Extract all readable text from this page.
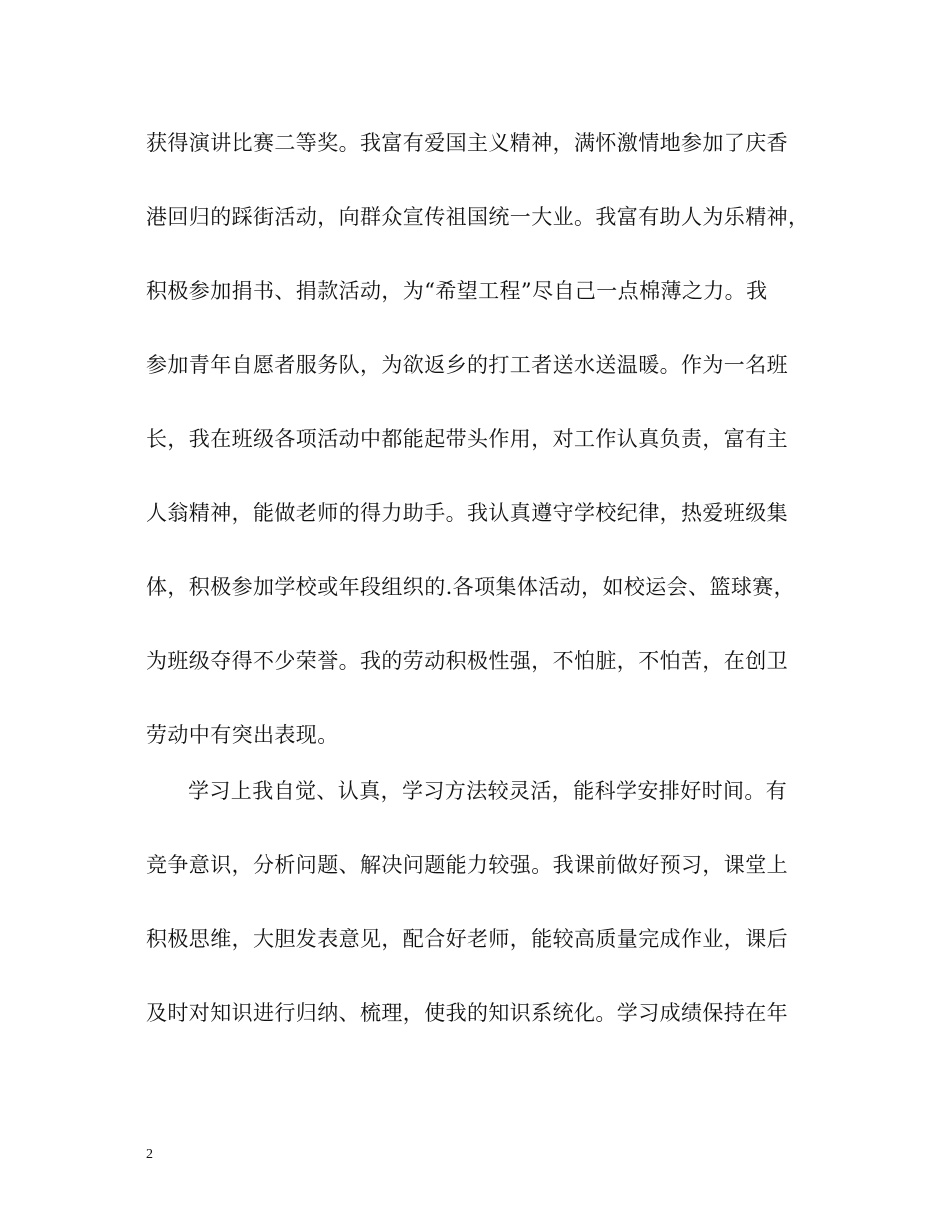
获得演讲比赛二等奖。我富有爱国主义精神，满怀激情地参加了庆香

港回归的踩街活动，向群众宣传祖国统一大业。我富有助人为乐精神，

积极参加捐书、捐款活动，为“希望工程”尽自己一点棉薄之力。我

参加青年自愿者服务队，为欲返乡的打工者送水送温暖。作为一名班

长，我在班级各项活动中都能起带头作用，对工作认真负责，富有主

人翁精神，能做老师的得力助手。我认真遵守学校纪律，热爱班级集

体，积极参加学校或年段组织的.各项集体活动，如校运会、篮球赛，

为班级夺得不少荣誉。我的劳动积极性强，不怕脏，不怕苦，在创卫

劳动中有突出表现。

学习上我自觉、认真，学习方法较灵活，能科学安排好时间。有

竞争意识，分析问题、解决问题能力较强。我课前做好预习，课堂上

积极思维，大胆发表意见，配合好老师，能较高质量完成作业，课后

及时对知识进行归纳、梳理，使我的知识系统化。学习成绩保持在年

2
